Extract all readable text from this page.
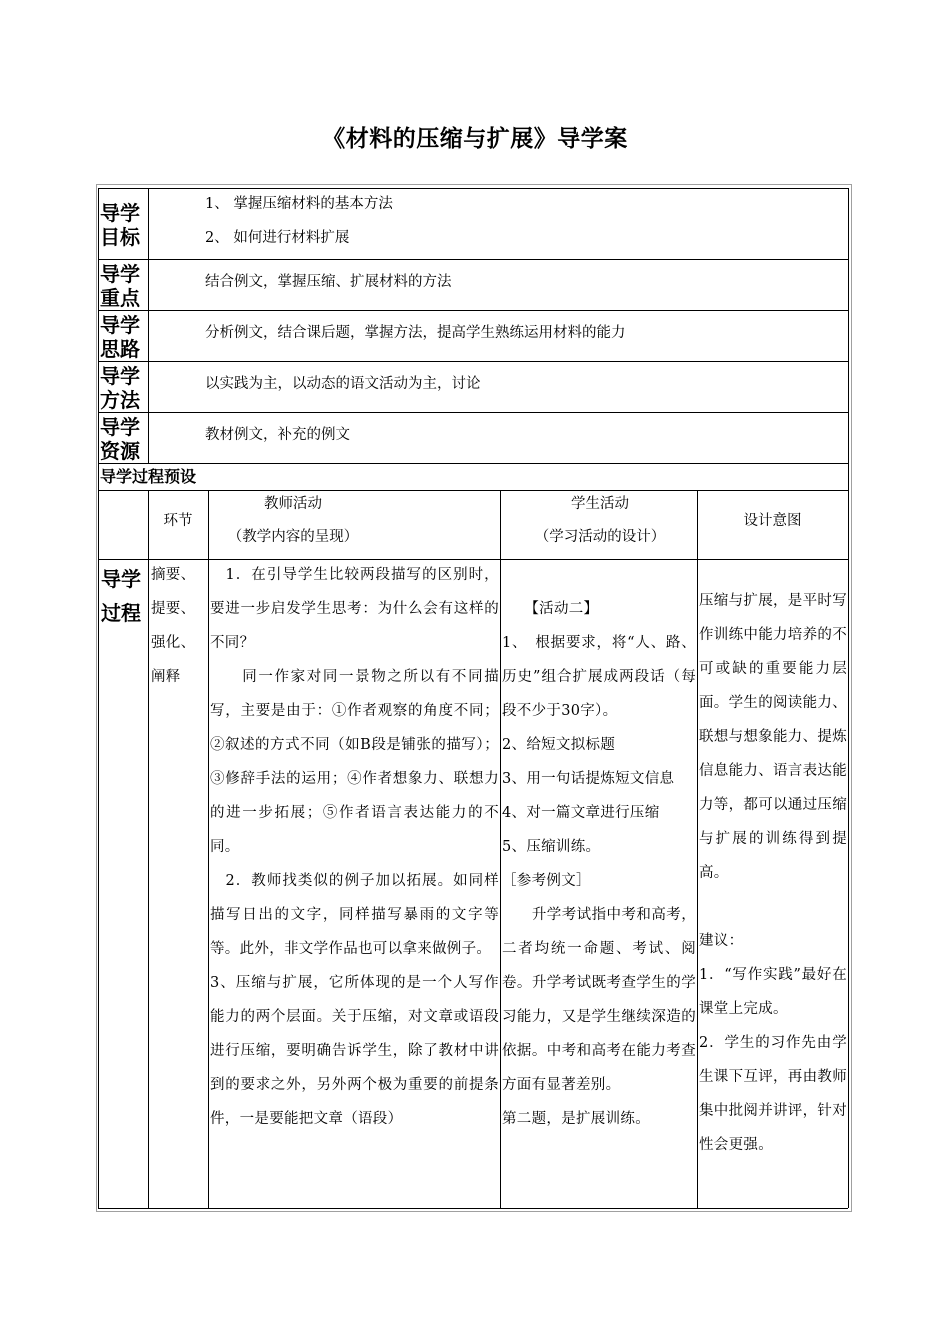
《材料的压缩与扩展》导学案
导学
目标
1、 掌握压缩材料的基本方法
2、 如何进行材料扩展
导学
重点
结合例文，掌握压缩、扩展材料的方法
导学
思路
分析例文，结合课后题，掌握方法，提高学生熟练运用材料的能力
导学
方法
以实践为主，以动态的语文活动为主，讨论
导学
资源
教材例文，补充的例文
导学过程预设
环节
教师活动
（教学内容的呈现）
学生活动
（学习活动的设计）
设计意图
导学
过程
摘要、
提要、
强化、
阐释

　1．在引导学生比较两段描写的区别时，要进一步启发学生思考：为什么会有这样的不同？

　　同一作家对同一景物之所以有不同描写，主要是由于：①作者观察的角度不同；②叙述的方式不同（如B段是铺张的描写）；③修辞手法的运用；④作者想象力、联想力的进一步拓展；⑤作者语言表达能力的不同。

　2．教师找类似的例子加以拓展。如同样描写日出的文字，同样描写暴雨的文字等等。此外，非文学作品也可以拿来做例子。

3、压缩与扩展，它所体现的是一个人写作能力的两个层面。关于压缩，对文章或语段进行压缩，要明确告诉学生，除了教材中讲到的要求之外，另外两个极为重要的前提条件，一是要能把文章（语段）

　　【活动二】

1、　根据要求，将“人、路、历史”组合扩展成两段话（每段不少于30字）。

2、给短文拟标题

3、用一句话提炼短文信息

4、对一篇文章进行压缩

5、压缩训练。

［参考例文］

　　升学考试指中考和高考，二者均统一命题、考试、阅卷。升学考试既考查学生的学习能力，又是学生继续深造的依据。中考和高考在能力考查方面有显著差别。

第二题，是扩展训练。

压缩与扩展，是平时写作训练中能力培养的不可或缺的重要能力层面。学生的阅读能力、联想与想象能力、提炼信息能力、语言表达能力等，都可以通过压缩与扩展的训练得到提高。

建议：

1．“写作实践”最好在课堂上完成。

2．学生的习作先由学生课下互评，再由教师集中批阅并讲评，针对性会更强。
